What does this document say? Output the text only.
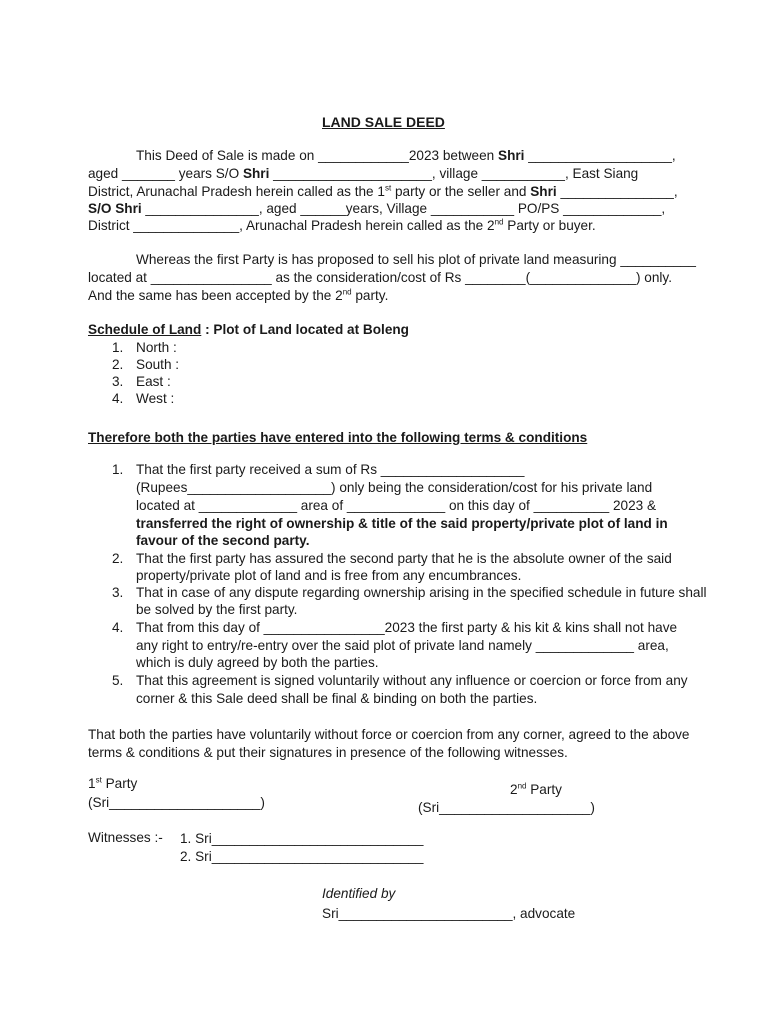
LAND SALE DEED
This Deed of Sale is made on ____________2023 between Shri ___________________,
aged _______ years S/O Shri _____________________, village ___________, East Siang
District, Arunachal Pradesh herein called as the 1st party or the seller and Shri _______________,
S/O Shri _______________, aged ______years, Village ___________ PO/PS _____________,
District ______________, Arunachal Pradesh herein called as the 2nd Party or buyer.
Whereas the first Party is has proposed to sell his plot of private land measuring __________
located at ________________ as the consideration/cost of Rs ________(______________) only.
And the same has been accepted by the 2nd party.
Schedule of Land : Plot of Land located at Boleng
1. North :
2. South :
3. East :
4. West :
Therefore both the parties have entered into the following terms & conditions
1. That the first party received a sum of Rs ___________________
(Rupees___________________) only being the consideration/cost for his private land
located at _____________ area of _____________ on this day of __________ 2023 &
transferred the right of ownership & title of the said property/private plot of land in
favour of the second party.
2. That the first party has assured the second party that he is the absolute owner of the said
property/private plot of land and is free from any encumbrances.
3. That in case of any dispute regarding ownership arising in the specified schedule in future shall
be solved by the first party.
4. That from this day of ________________2023 the first party & his kit & kins shall not have
any right to entry/re-entry over the said plot of private land namely _____________ area,
which is duly agreed by both the parties.
5. That this agreement is signed voluntarily without any influence or coercion or force from any
corner & this Sale deed shall be final & binding on both the parties.
That both the parties have voluntarily without force or coercion from any corner, agreed to the above
terms & conditions & put their signatures in presence of the following witnesses.
1st Party
(Sri____________________)
2nd Party
(Sri____________________)
Witnesses :- 1. Sri____________________________
2. Sri____________________________
Identified by
Sri_______________________, advocate
